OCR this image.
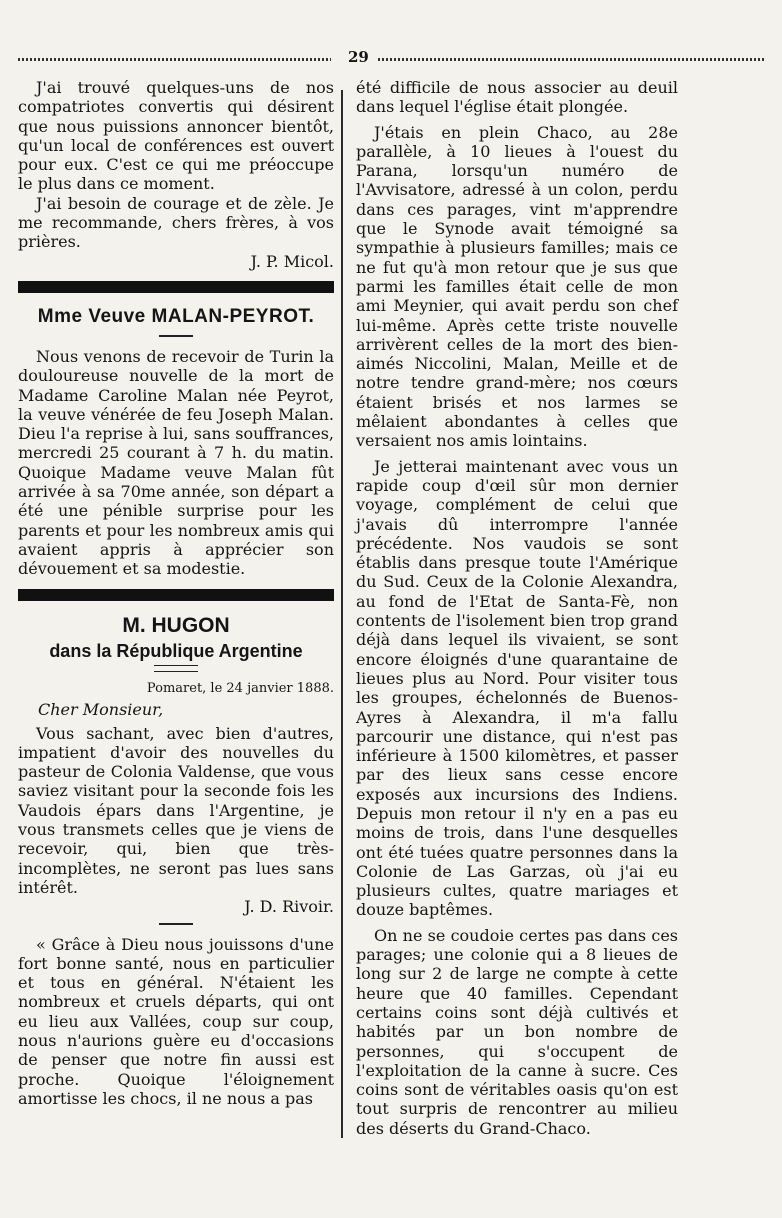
29

J'ai trouvé quelques-uns de nos compatriotes convertis qui désirent que nous puissions annoncer bientôt, qu'un local de conférences est ouvert pour eux. C'est ce qui me préoccupe le plus dans ce moment.

J'ai besoin de courage et de zèle. Je me recommande, chers frères, à vos prières.

J. P. Micol.

Mme Veuve MALAN-PEYROT.

Nous venons de recevoir de Turin la douloureuse nouvelle de la mort de Madame Caroline Malan née Peyrot, la veuve vénérée de feu Joseph Malan. Dieu l'a reprise à lui, sans souffrances, mercredi 25 courant à 7 h. du matin. Quoique Madame veuve Malan fût arrivée à sa 70me année, son départ a été une pénible surprise pour les parents et pour les nombreux amis qui avaient appris à apprécier son dévouement et sa modestie.

M. HUGON
dans la République Argentine

Pomaret, le 24 janvier 1888.

Cher Monsieur,

Vous sachant, avec bien d'autres, impatient d'avoir des nouvelles du pasteur de Colonia Valdense, que vous saviez visitant pour la seconde fois les Vaudois épars dans l'Argentine, je vous transmets celles que je viens de recevoir, qui, bien que très-incomplètes, ne seront pas lues sans intérêt.

J. D. Rivoir.

« Grâce à Dieu nous jouissons d'une fort bonne santé, nous en particulier et tous en général. N'étaient les nombreux et cruels départs, qui ont eu lieu aux Vallées, coup sur coup, nous n'aurions guère eu d'occasions de penser que notre fin aussi est proche. Quoique l'éloignement amortisse les chocs, il ne nous a pas

été difficile de nous associer au deuil dans lequel l'église était plongée.

J'étais en plein Chaco, au 28e parallèle, à 10 lieues à l'ouest du Parana, lorsqu'un numéro de l'Avvisatore, adressé à un colon, perdu dans ces parages, vint m'apprendre que le Synode avait témoigné sa sympathie à plusieurs familles; mais ce ne fut qu'à mon retour que je sus que parmi les familles était celle de mon ami Meynier, qui avait perdu son chef lui-même. Après cette triste nouvelle arrivèrent celles de la mort des bien-aimés Niccolini, Malan, Meille et de notre tendre grand-mère; nos cœurs étaient brisés et nos larmes se mêlaient abondantes à celles que versaient nos amis lointains.

Je jetterai maintenant avec vous un rapide coup d'œil sûr mon dernier voyage, complément de celui que j'avais dû interrompre l'année précédente. Nos vaudois se sont établis dans presque toute l'Amérique du Sud. Ceux de la Colonie Alexandra, au fond de l'Etat de Santa-Fè, non contents de l'isolement bien trop grand déjà dans lequel ils vivaient, se sont encore éloignés d'une quarantaine de lieues plus au Nord. Pour visiter tous les groupes, échelonnés de Buenos-Ayres à Alexandra, il m'a fallu parcourir une distance, qui n'est pas inférieure à 1500 kilomètres, et passer par des lieux sans cesse encore exposés aux incursions des Indiens. Depuis mon retour il n'y en a pas eu moins de trois, dans l'une desquelles ont été tuées quatre personnes dans la Colonie de Las Garzas, où j'ai eu plusieurs cultes, quatre mariages et douze baptêmes.

On ne se coudoie certes pas dans ces parages; une colonie qui a 8 lieues de long sur 2 de large ne compte à cette heure que 40 familles. Cependant certains coins sont déjà cultivés et habités par un bon nombre de personnes, qui s'occupent de l'exploitation de la canne à sucre. Ces coins sont de véritables oasis qu'on est tout surpris de rencontrer au milieu des déserts du Grand-Chaco.
